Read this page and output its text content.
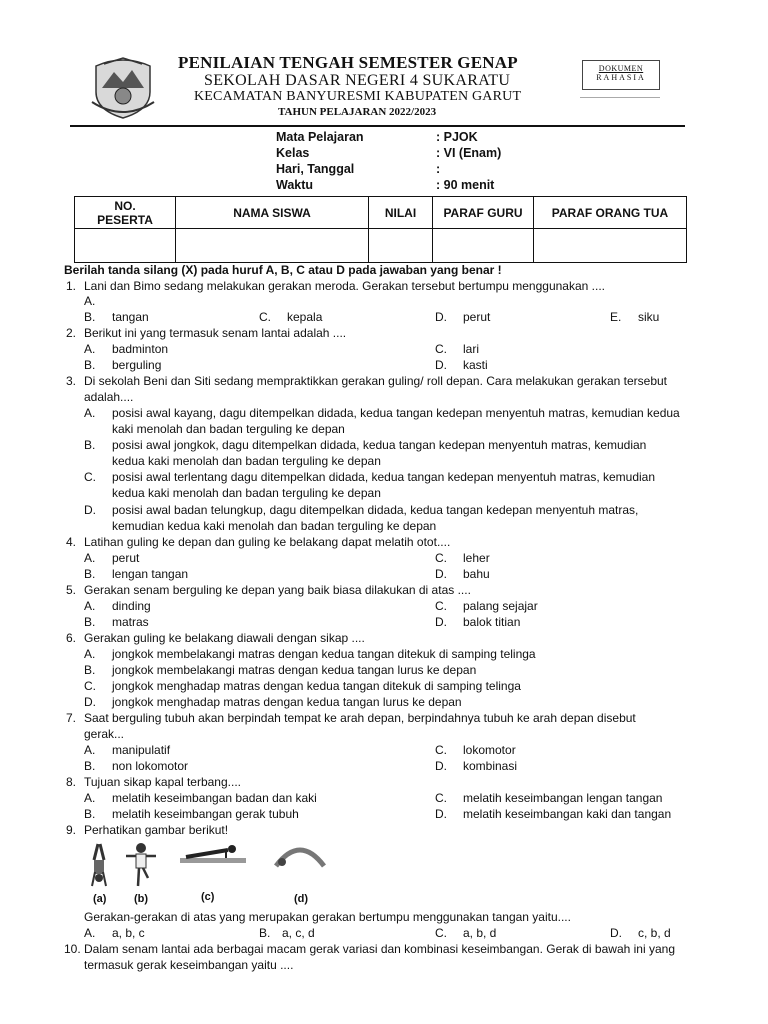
PENILAIAN TENGAH SEMESTER GENAP
SEKOLAH DASAR NEGERI 4 SUKARATU
KECAMATAN BANYURESMI KABUPATEN GARUT
TAHUN PELAJARAN 2022/2023
DOKUMEN
RAHASIA
Mata Pelajaran	: PJOK
Kelas	: VI (Enam)
Hari, Tanggal	:
Waktu	: 90 menit
NO.
PESERTA	NAMA SISWA	NILAI	PARAF GURU	PARAF ORANG TUA

Berilah tanda silang (X) pada huruf A, B, C atau D pada jawaban yang benar !
1. Lani dan Bimo sedang melakukan gerakan meroda. Gerakan tersebut bertumpu menggunakan ....
A.
B. tangan	C. kepala	D. perut	E. siku
2. Berikut ini yang termasuk senam lantai adalah ....
A. badminton	C. lari
B. berguling	D. kasti
3. Di sekolah Beni dan Siti sedang mempraktikkan gerakan guling/ roll depan. Cara melakukan gerakan tersebut
adalah....
A. posisi awal kayang, dagu ditempelkan didada, kedua tangan kedepan menyentuh matras, kemudian kedua
kaki menolah dan badan terguling ke depan
B. posisi awal jongkok, dagu ditempelkan didada, kedua tangan kedepan menyentuh matras, kemudian
kedua kaki menolah dan badan terguling ke depan
C. posisi awal terlentang dagu ditempelkan didada, kedua tangan kedepan menyentuh matras, kemudian
kedua kaki menolah dan badan terguling ke depan
D. posisi awal badan telungkup, dagu ditempelkan didada, kedua tangan kedepan menyentuh matras,
kemudian kedua kaki menolah dan badan terguling ke depan
4. Latihan guling ke depan dan guling ke belakang dapat melatih otot....
A. perut	C. leher
B. lengan tangan	D. bahu
5. Gerakan senam berguling ke depan yang baik biasa dilakukan di atas ....
A. dinding	C. palang sejajar
B. matras	D. balok titian
6. Gerakan guling ke belakang diawali dengan sikap ....
A. jongkok membelakangi matras dengan kedua tangan ditekuk di samping telinga
B. jongkok membelakangi matras dengan kedua tangan lurus ke depan
C. jongkok menghadap matras dengan kedua tangan ditekuk di samping telinga
D. jongkok menghadap matras dengan kedua tangan lurus ke depan
7. Saat berguling tubuh akan berpindah tempat ke arah depan, berpindahnya tubuh ke arah depan disebut
gerak...
A. manipulatif	C. lokomotor
B. non lokomotor	D. kombinasi
8. Tujuan sikap kapal terbang....
A. melatih keseimbangan badan dan kaki	C. melatih keseimbangan lengan tangan
B. melatih keseimbangan gerak tubuh	D. melatih keseimbangan kaki dan tangan
9. Perhatikan gambar berikut!
(a)	(b)	(c)	(d)
Gerakan-gerakan di atas yang merupakan gerakan bertumpu menggunakan tangan yaitu....
A. a, b, c	B. a, c, d	C. a, b, d	D. c, b, d
10. Dalam senam lantai ada berbagai macam gerak variasi dan kombinasi keseimbangan. Gerak di bawah ini yang
termasuk gerak keseimbangan yaitu ....
